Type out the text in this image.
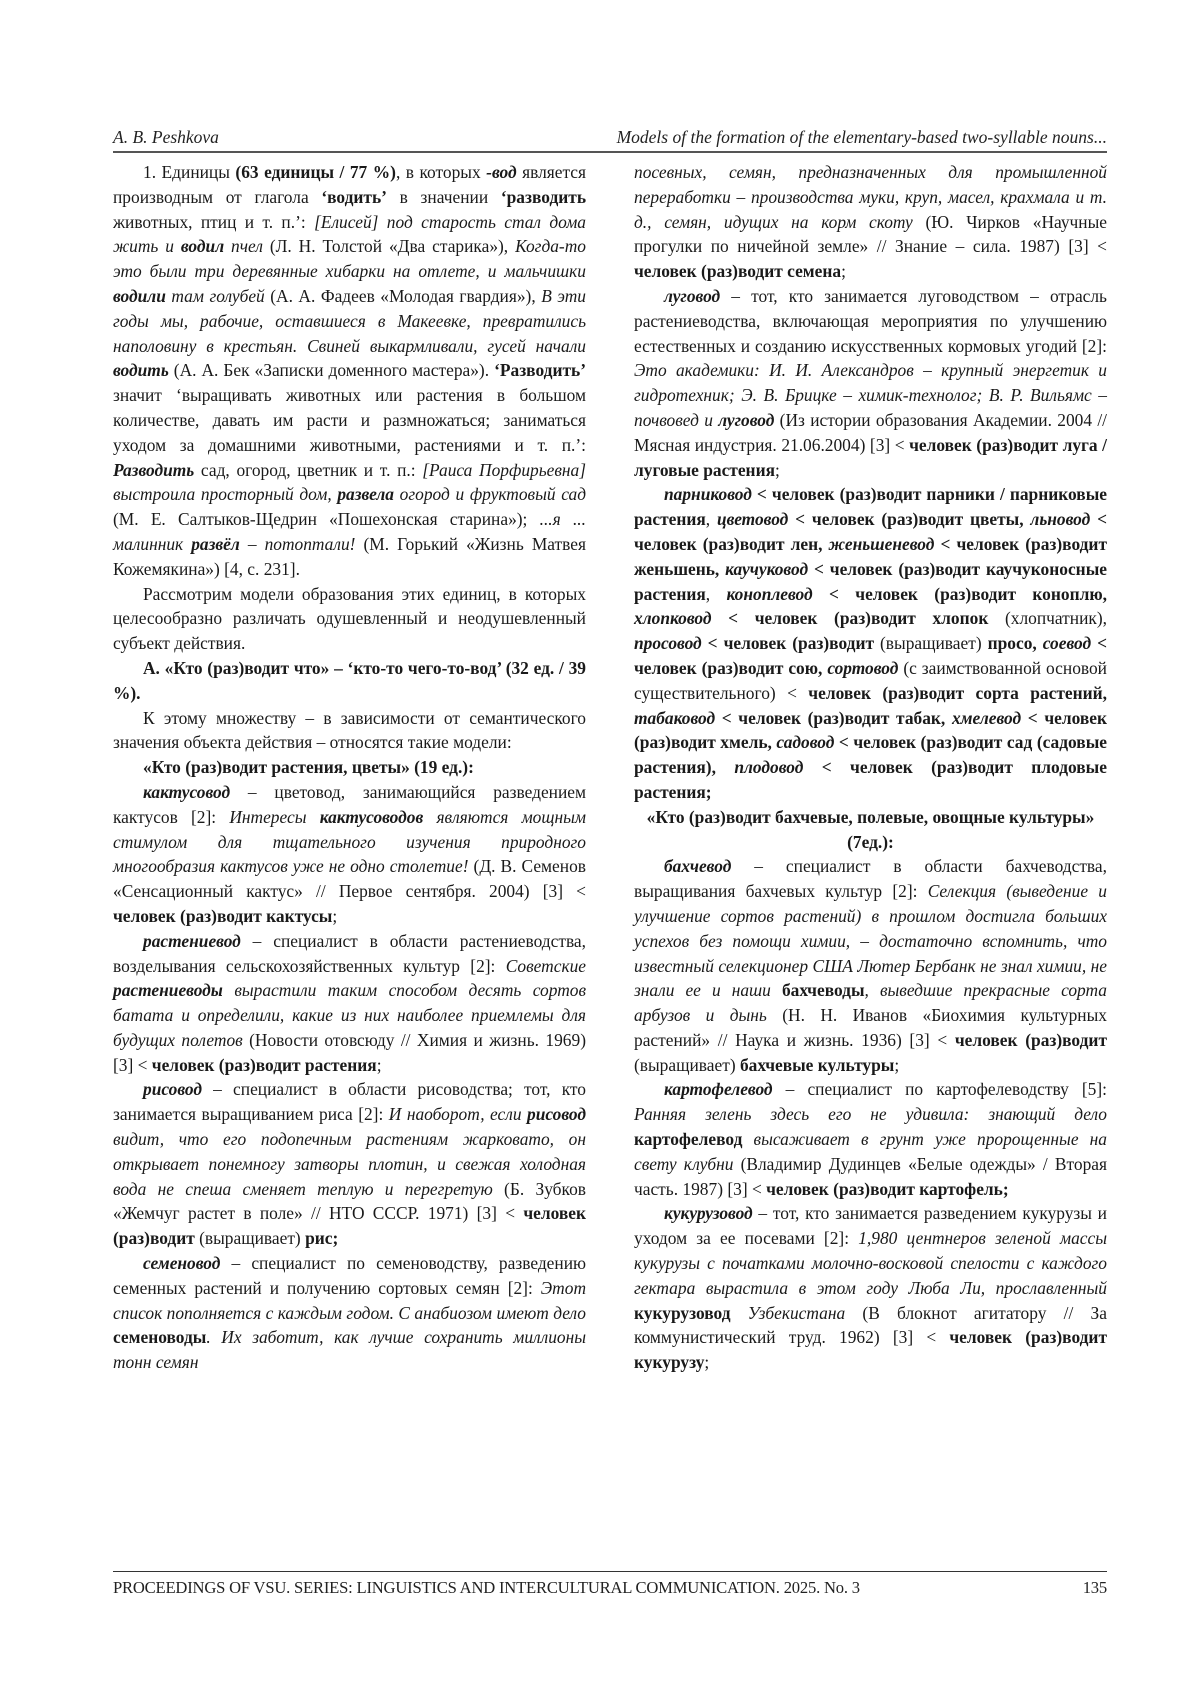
A. B. Peshkova	Models of the formation of the elementary-based two-syllable nouns...

1. Единицы (63 единицы / 77 %), в которых -вод является производным от глагола ‘водить’ в значении ‘разводить животных, птиц и т. п.’: [Елисей] под старость стал дома жить и водил пчел (Л. Н. Толстой «Два старика»), Когда-то это были три деревянные хибарки на отлете, и мальчишки водили там голубей (А. А. Фадеев «Молодая гвардия»), В эти годы мы, рабочие, оставшиеся в Макеевке, превратились наполовину в крестьян. Свиней выкармливали, гусей начали водить (А. А. Бек «Записки доменного мастера»). ‘Разводить’ значит ‘выращивать животных или растения в большом количестве, давать им расти и размножаться; заниматься уходом за домашними животными, растениями и т. п.’: Разводить сад, огород, цветник и т. п.: [Раиса Порфирьевна] выстроила просторный дом, развела огород и фруктовый сад (М. Е. Салтыков-Щедрин «Пошехонская старина»); ...я ... малинник развёл – потоптали! (М. Горький «Жизнь Матвея Кожемякина») [4, с. 231].

Рассмотрим модели образования этих единиц, в которых целесообразно различать одушевленный и неодушевленный субъект действия.

А. «Кто (раз)водит что» – ‘кто-то чего-то-вод’ (32 ед. / 39 %).

К этому множеству – в зависимости от семантического значения объекта действия – относятся такие модели:

«Кто (раз)водит растения, цветы» (19 ед.):

кактусовод – цветовод, занимающийся разведением кактусов [2]: Интересы кактусоводов являются мощным стимулом для тщательного изучения природного многообразия кактусов уже не одно столетие! (Д. В. Семенов «Сенсационный кактус» // Первое сентября. 2004) [3] < человек (раз)водит кактусы;

растениевод – специалист в области растениеводства, возделывания сельскохозяйственных культур [2]: Советские растениеводы вырастили таким способом десять сортов батата и определили, какие из них наиболее приемлемы для будущих полетов (Новости отовсюду // Химия и жизнь. 1969) [3] < человек (раз)водит растения;

рисовод – специалист в области рисоводства; тот, кто занимается выращиванием риса [2]: И наоборот, если рисовод видит, что его подопечным растениям жарковато, он открывает понемногу затворы плотин, и свежая холодная вода не спеша сменяет теплую и перегретую (Б. Зубков «Жемчуг растет в поле» // НТО СССР. 1971) [3] < человек (раз)водит (выращивает) рис;

семеновод – специалист по семеноводству, разведению семенных растений и получению сортовых семян [2]: Этот список пополняется с каждым годом. С анабиозом имеют дело семеноводы. Их заботит, как лучше сохранить миллионы тонн семян

посевных, семян, предназначенных для промышленной переработки – производства муки, круп, масел, крахмала и т. д., семян, идущих на корм скоту (Ю. Чирков «Научные прогулки по ничейной земле» // Знание – сила. 1987) [3] < человек (раз)водит семена;

луговод – тот, кто занимается луговодством – отрасль растениеводства, включающая мероприятия по улучшению естественных и созданию искусственных кормовых угодий [2]: Это академики: И. И. Александров – крупный энергетик и гидротехник; Э. В. Брицке – химик-технолог; В. Р. Вильямс – почвовед и луговод (Из истории образования Академии. 2004 // Мясная индустрия. 21.06.2004) [3] < человек (раз)водит луга / луговые растения;

парниковод < человек (раз)водит парники / парниковые растения, цветовод < человек (раз)водит цветы, льновод < человек (раз)водит лен, женьшеневод < человек (раз)водит женьшень, каучуковод < человек (раз)водит каучуконосные растения, коноплевод < человек (раз)водит коноплю, хлопковод < человек (раз)водит хлопок (хлопчатник), просовод < человек (раз)водит (выращивает) просо, соевод < человек (раз)водит сою, сортовод (с заимствованной основой существительного) < человек (раз)водит сорта растений, табаковод < человек (раз)водит табак, хмелевод < человек (раз)водит хмель, садовод < человек (раз)водит сад (садовые растения), плодовод < человек (раз)водит плодовые растения;

«Кто (раз)водит бахчевые, полевые, овощные культуры» (7ед.):

бахчевод – специалист в области бахчеводства, выращивания бахчевых культур [2]: Селекция (выведение и улучшение сортов растений) в прошлом достигла больших успехов без помощи химии, – достаточно вспомнить, что известный селекционер США Лютер Бербанк не знал химии, не знали ее и наши бахчеводы, выведшие прекрасные сорта арбузов и дынь (Н. Н. Иванов «Биохимия культурных растений» // Наука и жизнь. 1936) [3] < человек (раз)водит (выращивает) бахчевые культуры;

картофелевод – специалист по картофелеводству [5]: Ранняя зелень здесь его не удивила: знающий дело картофелевод высаживает в грунт уже пророщенные на свету клубни (Владимир Дудинцев «Белые одежды» / Вторая часть. 1987) [3] < человек (раз)водит картофель;

кукурузовод – тот, кто занимается разведением кукурузы и уходом за ее посевами [2]: 1,980 центнеров зеленой массы кукурузы с початками молочно-восковой спелости с каждого гектара вырастила в этом году Люба Ли, прославленный кукурузовод Узбекистана (В блокнот агитатору // За коммунистический труд. 1962) [3] < человек (раз)водит кукурузу;

PROCEEDINGS OF VSU. SERIES: LINGUISTICS AND INTERCULTURAL COMMUNICATION. 2025. No. 3	135
